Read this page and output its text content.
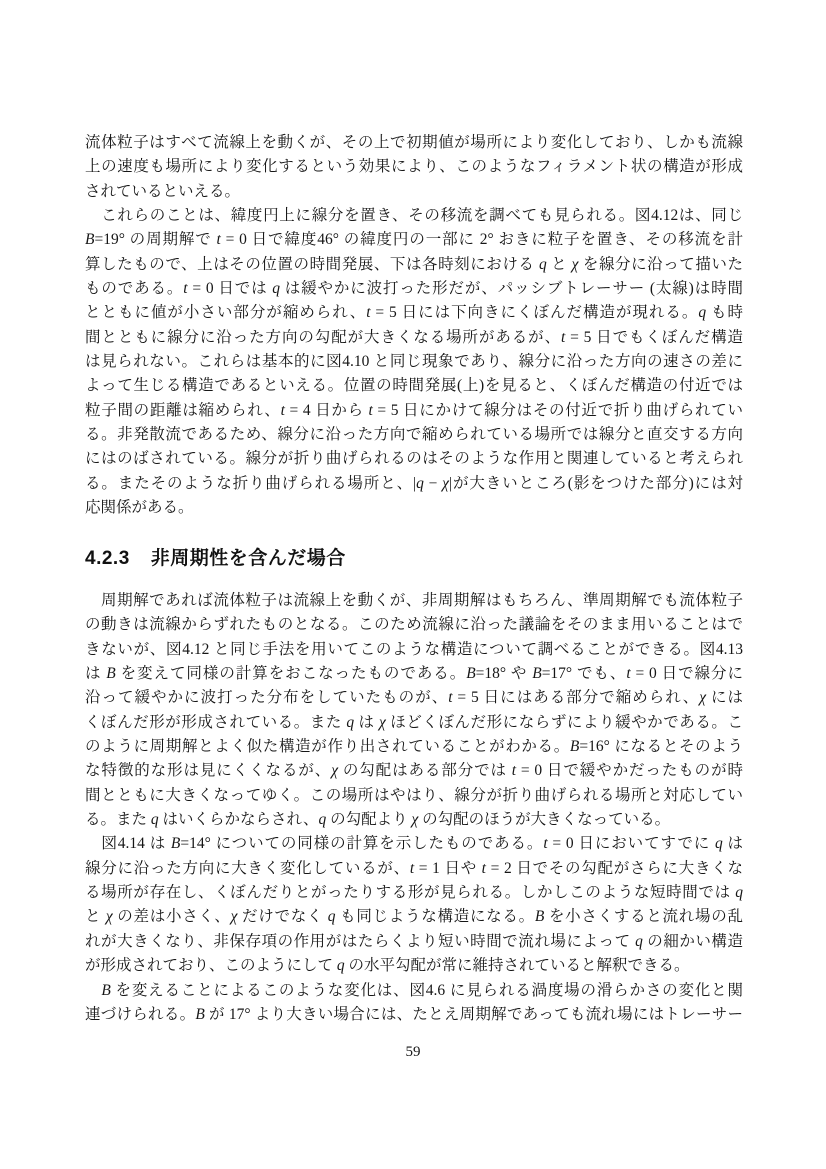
流体粒子はすべて流線上を動くが、その上で初期値が場所により変化しており、しかも流線
上の速度も場所により変化するという効果により、このようなフィラメント状の構造が形成
されているといえる。
　これらのことは、緯度円上に線分を置き、その移流を調べても見られる。図4.12は、同じ
B=19° の周期解で t = 0 日で緯度46° の緯度円の一部に 2° おきに粒子を置き、その移流を計
算したもので、上はその位置の時間発展、下は各時刻における q と χ を線分に沿って描いた
ものである。t = 0 日では q は緩やかに波打った形だが、パッシブトレーサー (太線)は時間
とともに値が小さい部分が縮められ、t = 5 日には下向きにくぼんだ構造が現れる。q も時
間とともに線分に沿った方向の勾配が大きくなる場所があるが、t = 5 日でもくぼんだ構造
は見られない。これらは基本的に図4.10 と同じ現象であり、線分に沿った方向の速さの差に
よって生じる構造であるといえる。位置の時間発展(上)を見ると、くぼんだ構造の付近では
粒子間の距離は縮められ、t = 4 日から t = 5 日にかけて線分はその付近で折り曲げられてい
る。非発散流であるため、線分に沿った方向で縮められている場所では線分と直交する方向
にはのばされている。線分が折り曲げられるのはそのような作用と関連していると考えられ
る。またそのような折り曲げられる場所と、|q − χ|が大きいところ(影をつけた部分)には対
応関係がある。
4.2.3 非周期性を含んだ場合
　周期解であれば流体粒子は流線上を動くが、非周期解はもちろん、準周期解でも流体粒子
の動きは流線からずれたものとなる。このため流線に沿った議論をそのまま用いることはで
きないが、図4.12 と同じ手法を用いてこのような構造について調べることができる。図4.13
は B を変えて同様の計算をおこなったものである。B=18° や B=17° でも、t = 0 日で線分に
沿って緩やかに波打った分布をしていたものが、t = 5 日にはある部分で縮められ、χ には
くぼんだ形が形成されている。また q は χ ほどくぼんだ形にならずにより緩やかである。こ
のように周期解とよく似た構造が作り出されていることがわかる。B=16° になるとそのよう
な特徴的な形は見にくくなるが、χ の勾配はある部分では t = 0 日で緩やかだったものが時
間とともに大きくなってゆく。この場所はやはり、線分が折り曲げられる場所と対応してい
る。また q はいくらかならされ、q の勾配より χ の勾配のほうが大きくなっている。
　図4.14 は B=14° についての同様の計算を示したものである。t = 0 日においてすでに q は
線分に沿った方向に大きく変化しているが、t = 1 日や t = 2 日でその勾配がさらに大きくな
る場所が存在し、くぼんだりとがったりする形が見られる。しかしこのような短時間では q
と χ の差は小さく、χ だけでなく q も同じような構造になる。B を小さくすると流れ場の乱
れが大きくなり、非保存項の作用がはたらくより短い時間で流れ場によって q の細かい構造
が形成されており、このようにして q の水平勾配が常に維持されていると解釈できる。
　B を変えることによるこのような変化は、図4.6 に見られる渦度場の滑らかさの変化と関
連づけられる。B が 17° より大きい場合には、たとえ周期解であっても流れ場にはトレーサー
59
